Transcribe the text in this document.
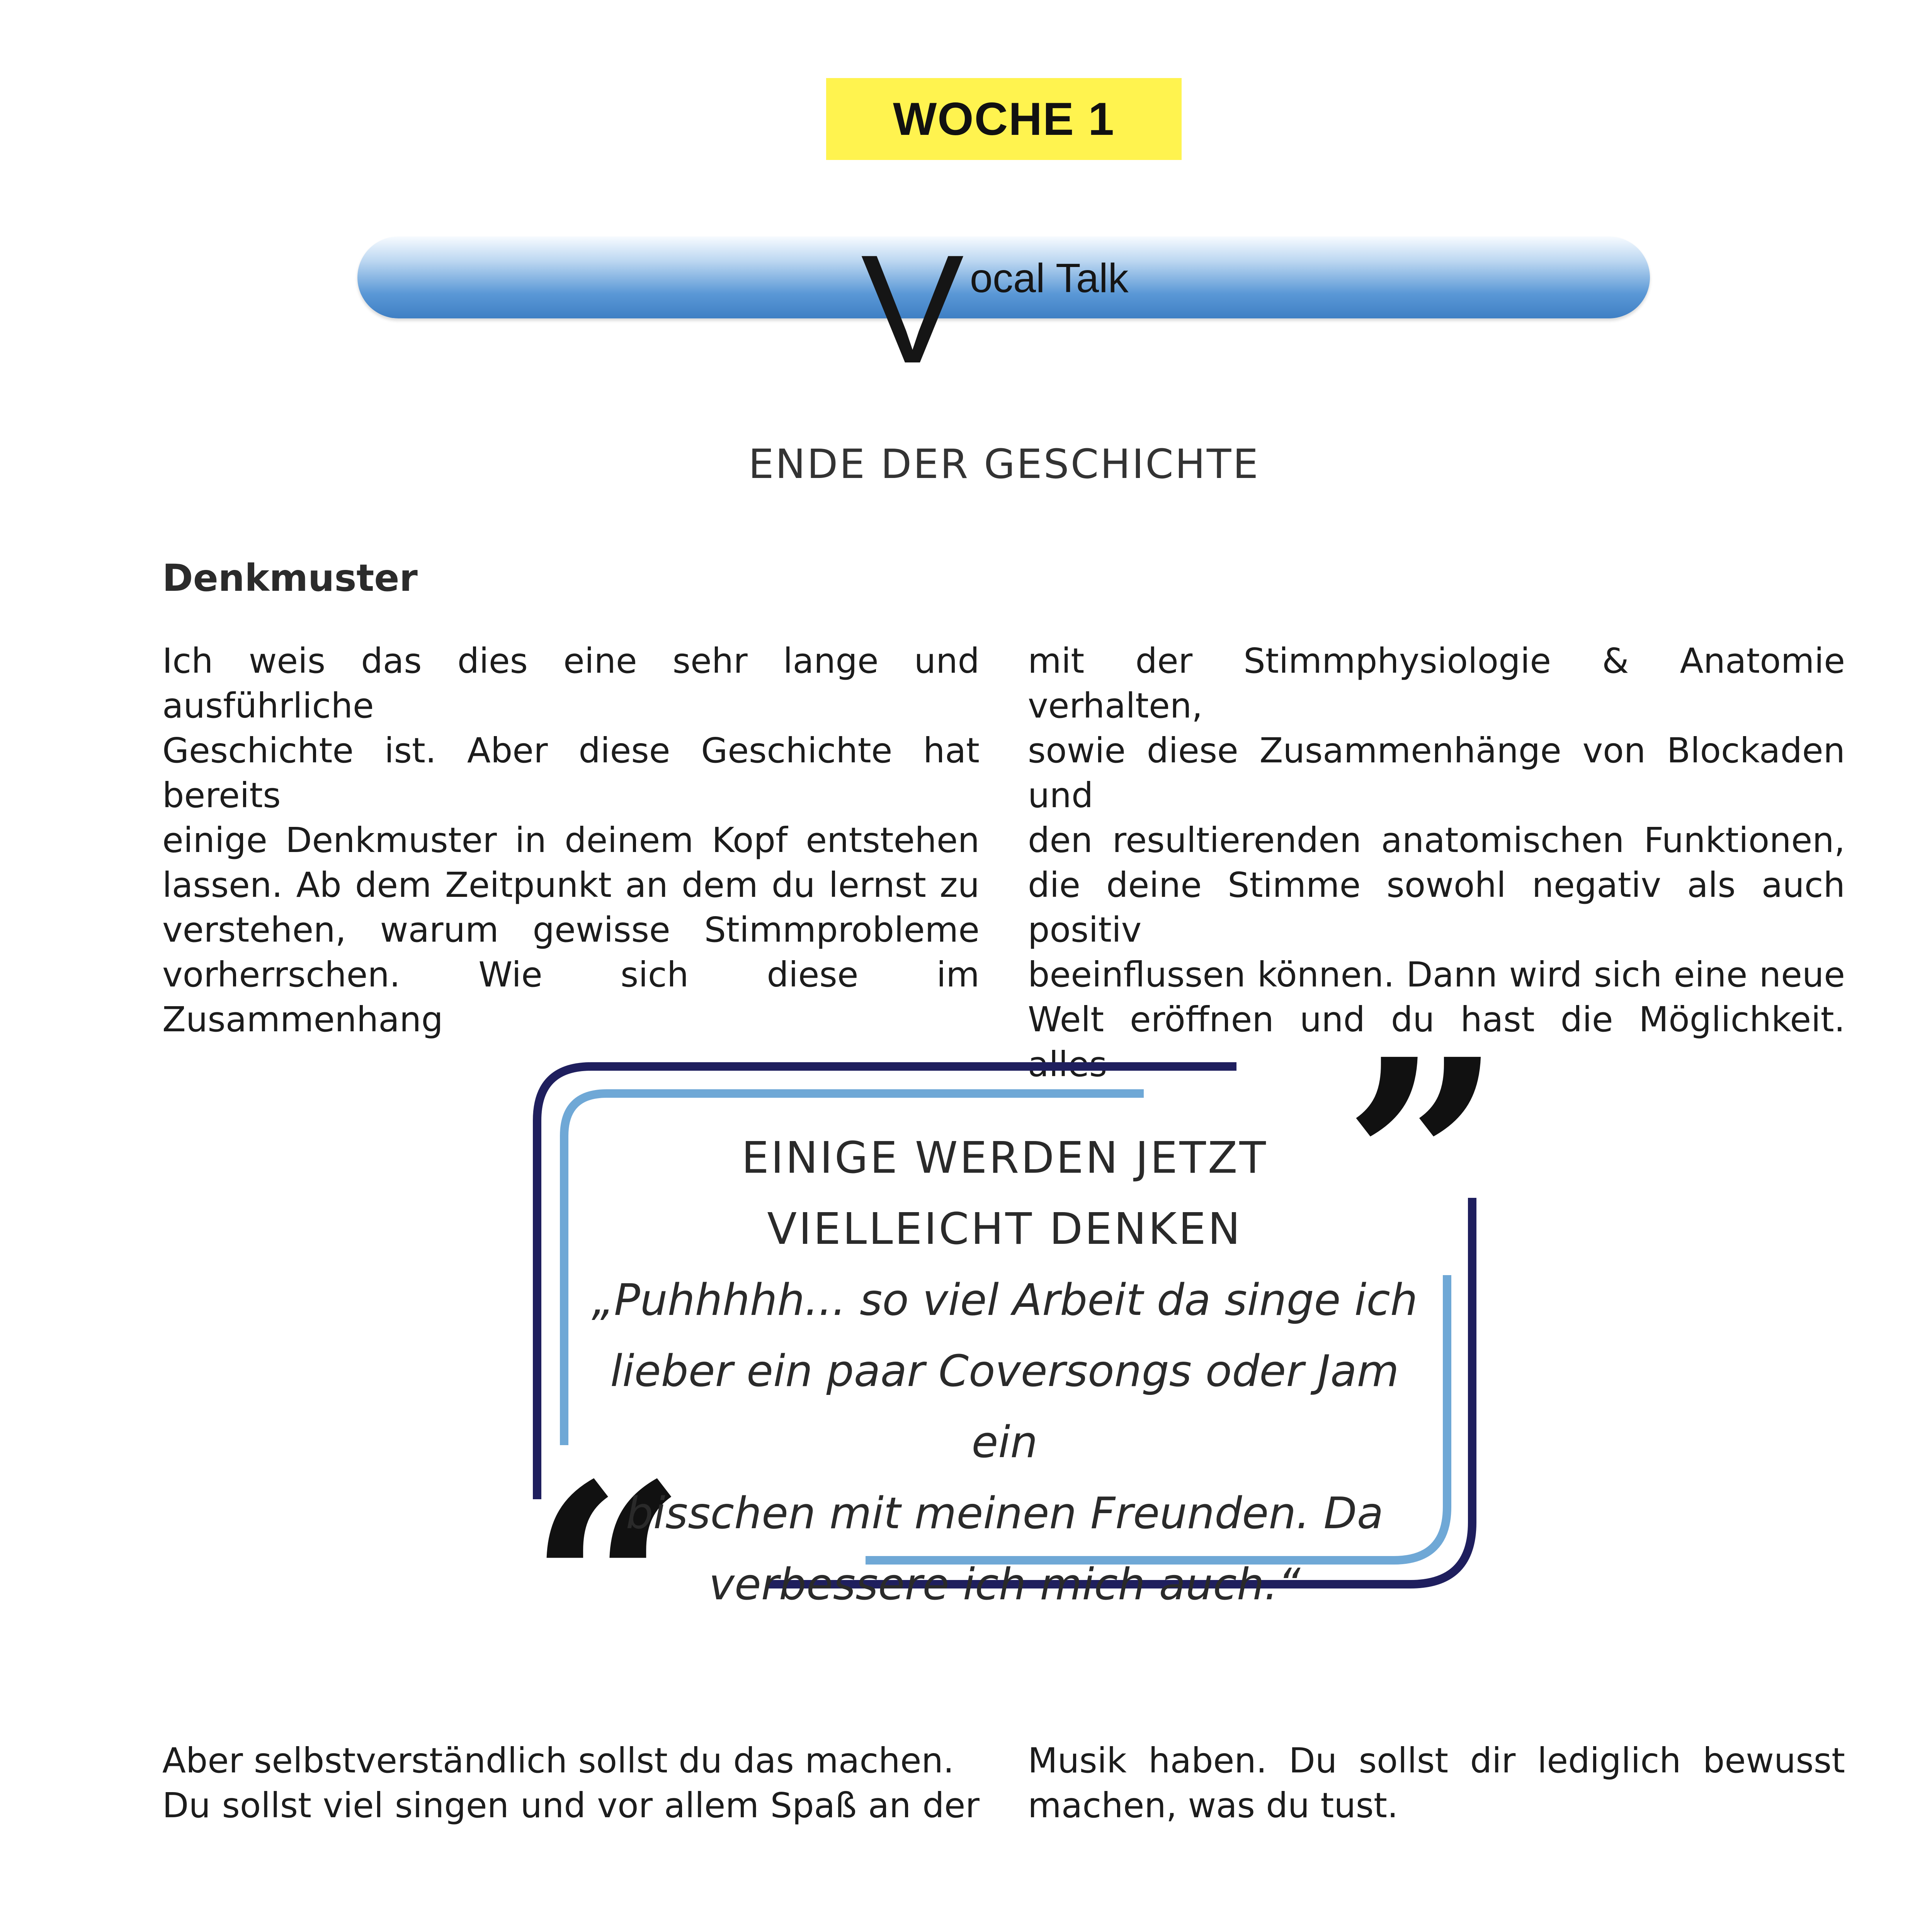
WOCHE 1
V ocal Talk
ENDE DER GESCHICHTE
Denkmuster
Ich weis das dies eine sehr lange und ausführliche
Geschichte ist. Aber diese Geschichte hat bereits
einige Denkmuster in deinem Kopf entstehen
lassen. Ab dem Zeitpunkt an dem du lernst zu
verstehen, warum gewisse Stimmprobleme
vorherrschen. Wie sich diese im Zusammenhang
mit der Stimmphysiologie & Anatomie verhalten,
sowie diese Zusammenhänge von Blockaden und
den resultierenden anatomischen Funktionen,
die deine Stimme sowohl negativ als auch positiv
beeinflussen können. Dann wird sich eine neue
Welt eröffnen und du hast die Möglichkeit. alles ”
“
EINIGE WERDEN JETZT
VIELLEICHT DENKEN
„Puhhhhh... so viel Arbeit da singe ich
lieber ein paar Coversongs oder Jam ein
bisschen mit meinen Freunden. Da
verbessere ich mich auch.“
Aber selbstverständlich sollst du das machen.
Du sollst viel singen und vor allem Spaß an der
Musik haben. Du sollst dir lediglich bewusst
machen, was du tust.
